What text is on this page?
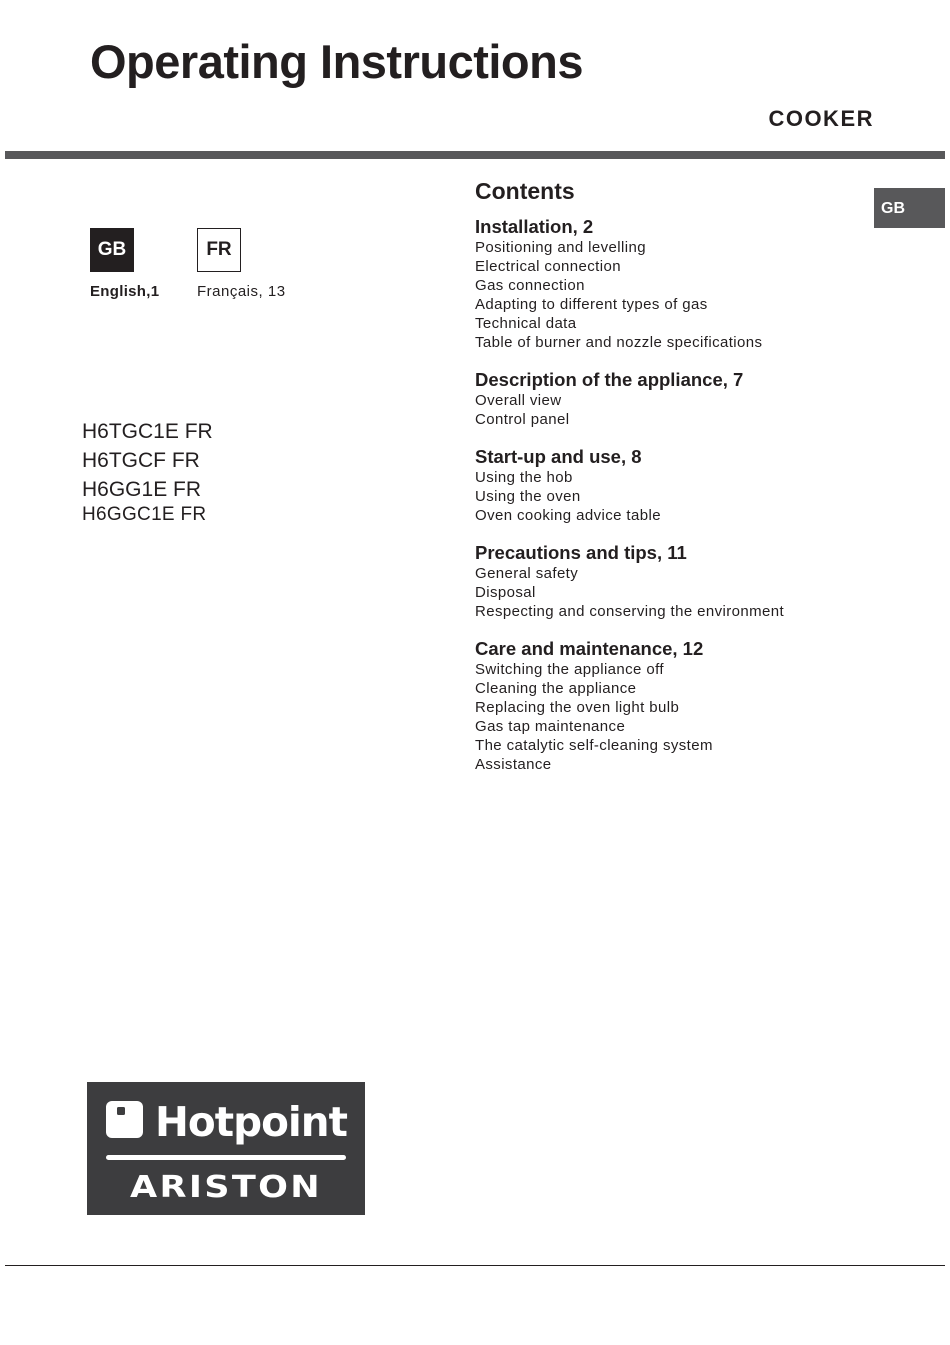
Operating Instructions
COOKER
GB
GB	FR
English,1	Français, 13
H6TGC1E FR
H6TGCF FR
H6GG1E FR
H6GGC1E FR
Contents
Installation, 2
Positioning and levelling
Electrical connection
Gas connection
Adapting to different types of gas
Technical data
Table of burner and nozzle specifications
Description of the appliance, 7
Overall view
Control panel
Start-up and use, 8
Using the hob
Using the oven
Oven cooking advice table
Precautions and tips, 11
General safety
Disposal
Respecting and conserving the environment
Care and maintenance, 12
Switching the appliance off
Cleaning the appliance
Replacing the oven light bulb
Gas tap maintenance
The catalytic self-cleaning system
Assistance
Hotpoint
ARISTON
